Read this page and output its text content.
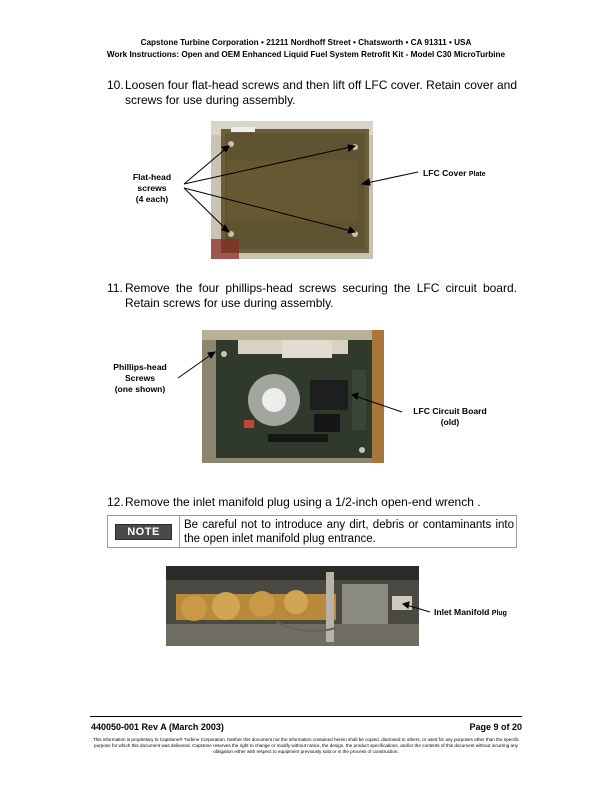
Capstone Turbine Corporation • 21211 Nordhoff Street • Chatsworth • CA 91311 • USA
Work Instructions: Open and OEM Enhanced Liquid Fuel System Retrofit Kit - Model C30 MicroTurbine
10. Loosen four flat-head screws and then lift off LFC cover. Retain cover and screws for use during assembly.
Flat-head
screws
(4 each)
LFC Cover Plate
11. Remove the four phillips-head screws securing the LFC circuit board. Retain screws for use during assembly.
Phillips-head
Screws
(one shown)
LFC Circuit Board
(old)
12. Remove the inlet manifold plug using a 1/2-inch open-end wrench .
NOTE
Be careful not to introduce any dirt, debris or contaminants into the open inlet manifold plug entrance.
Inlet Manifold Plug
440050-001 Rev A (March 2003)	Page 9 of 20
This information is proprietary to Capstone® Turbine Corporation. Neither this document nor the information contained herein shall be copied, disclosed to others, or used for any purposes other than the specific purpose for which this document was delivered. Capstone reserves the right to change or modify without notice, the design, the product specifications, and/or the contents of this document without incurring any obligation either with respect to equipment previously sold or in the process of construction.
